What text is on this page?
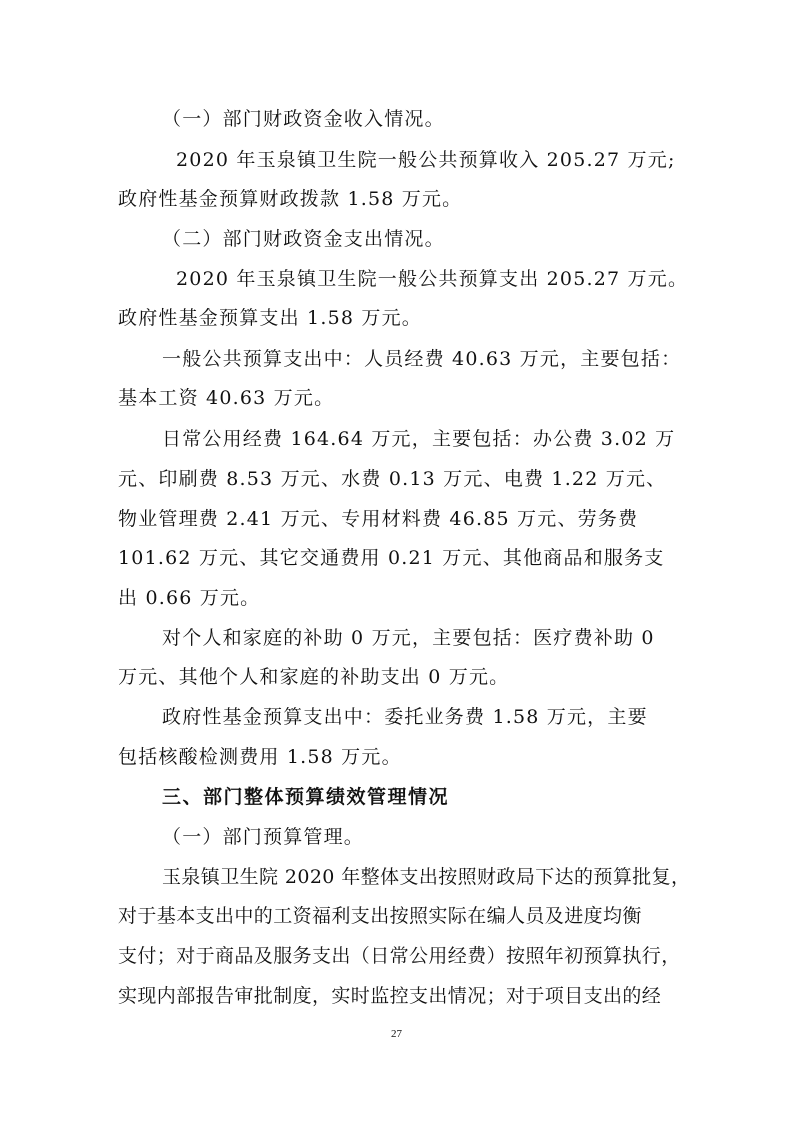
（一）部门财政资金收入情况。
2020 年玉泉镇卫生院一般公共预算收入 205.27 万元;
政府性基金预算财政拨款 1.58 万元。
（二）部门财政资金支出情况。
2020 年玉泉镇卫生院一般公共预算支出 205.27 万元。
政府性基金预算支出 1.58 万元。
一般公共预算支出中：人员经费 40.63 万元，主要包括：
基本工资 40.63 万元。
日常公用经费 164.64 万元，主要包括：办公费 3.02 万
元、印刷费 8.53 万元、水费 0.13 万元、电费 1.22 万元、
物业管理费 2.41 万元、专用材料费 46.85 万元、劳务费
101.62 万元、其它交通费用 0.21 万元、其他商品和服务支
出 0.66 万元。
对个人和家庭的补助 0 万元，主要包括：医疗费补助 0
万元、其他个人和家庭的补助支出 0 万元。
政府性基金预算支出中：委托业务费 1.58 万元，主要
包括核酸检测费用 1.58 万元。
三、部门整体预算绩效管理情况
（一）部门预算管理。
玉泉镇卫生院 2020 年整体支出按照财政局下达的预算批复，
对于基本支出中的工资福利支出按照实际在编人员及进度均衡
支付；对于商品及服务支出（日常公用经费）按照年初预算执行，
实现内部报告审批制度，实时监控支出情况；对于项目支出的经
27
